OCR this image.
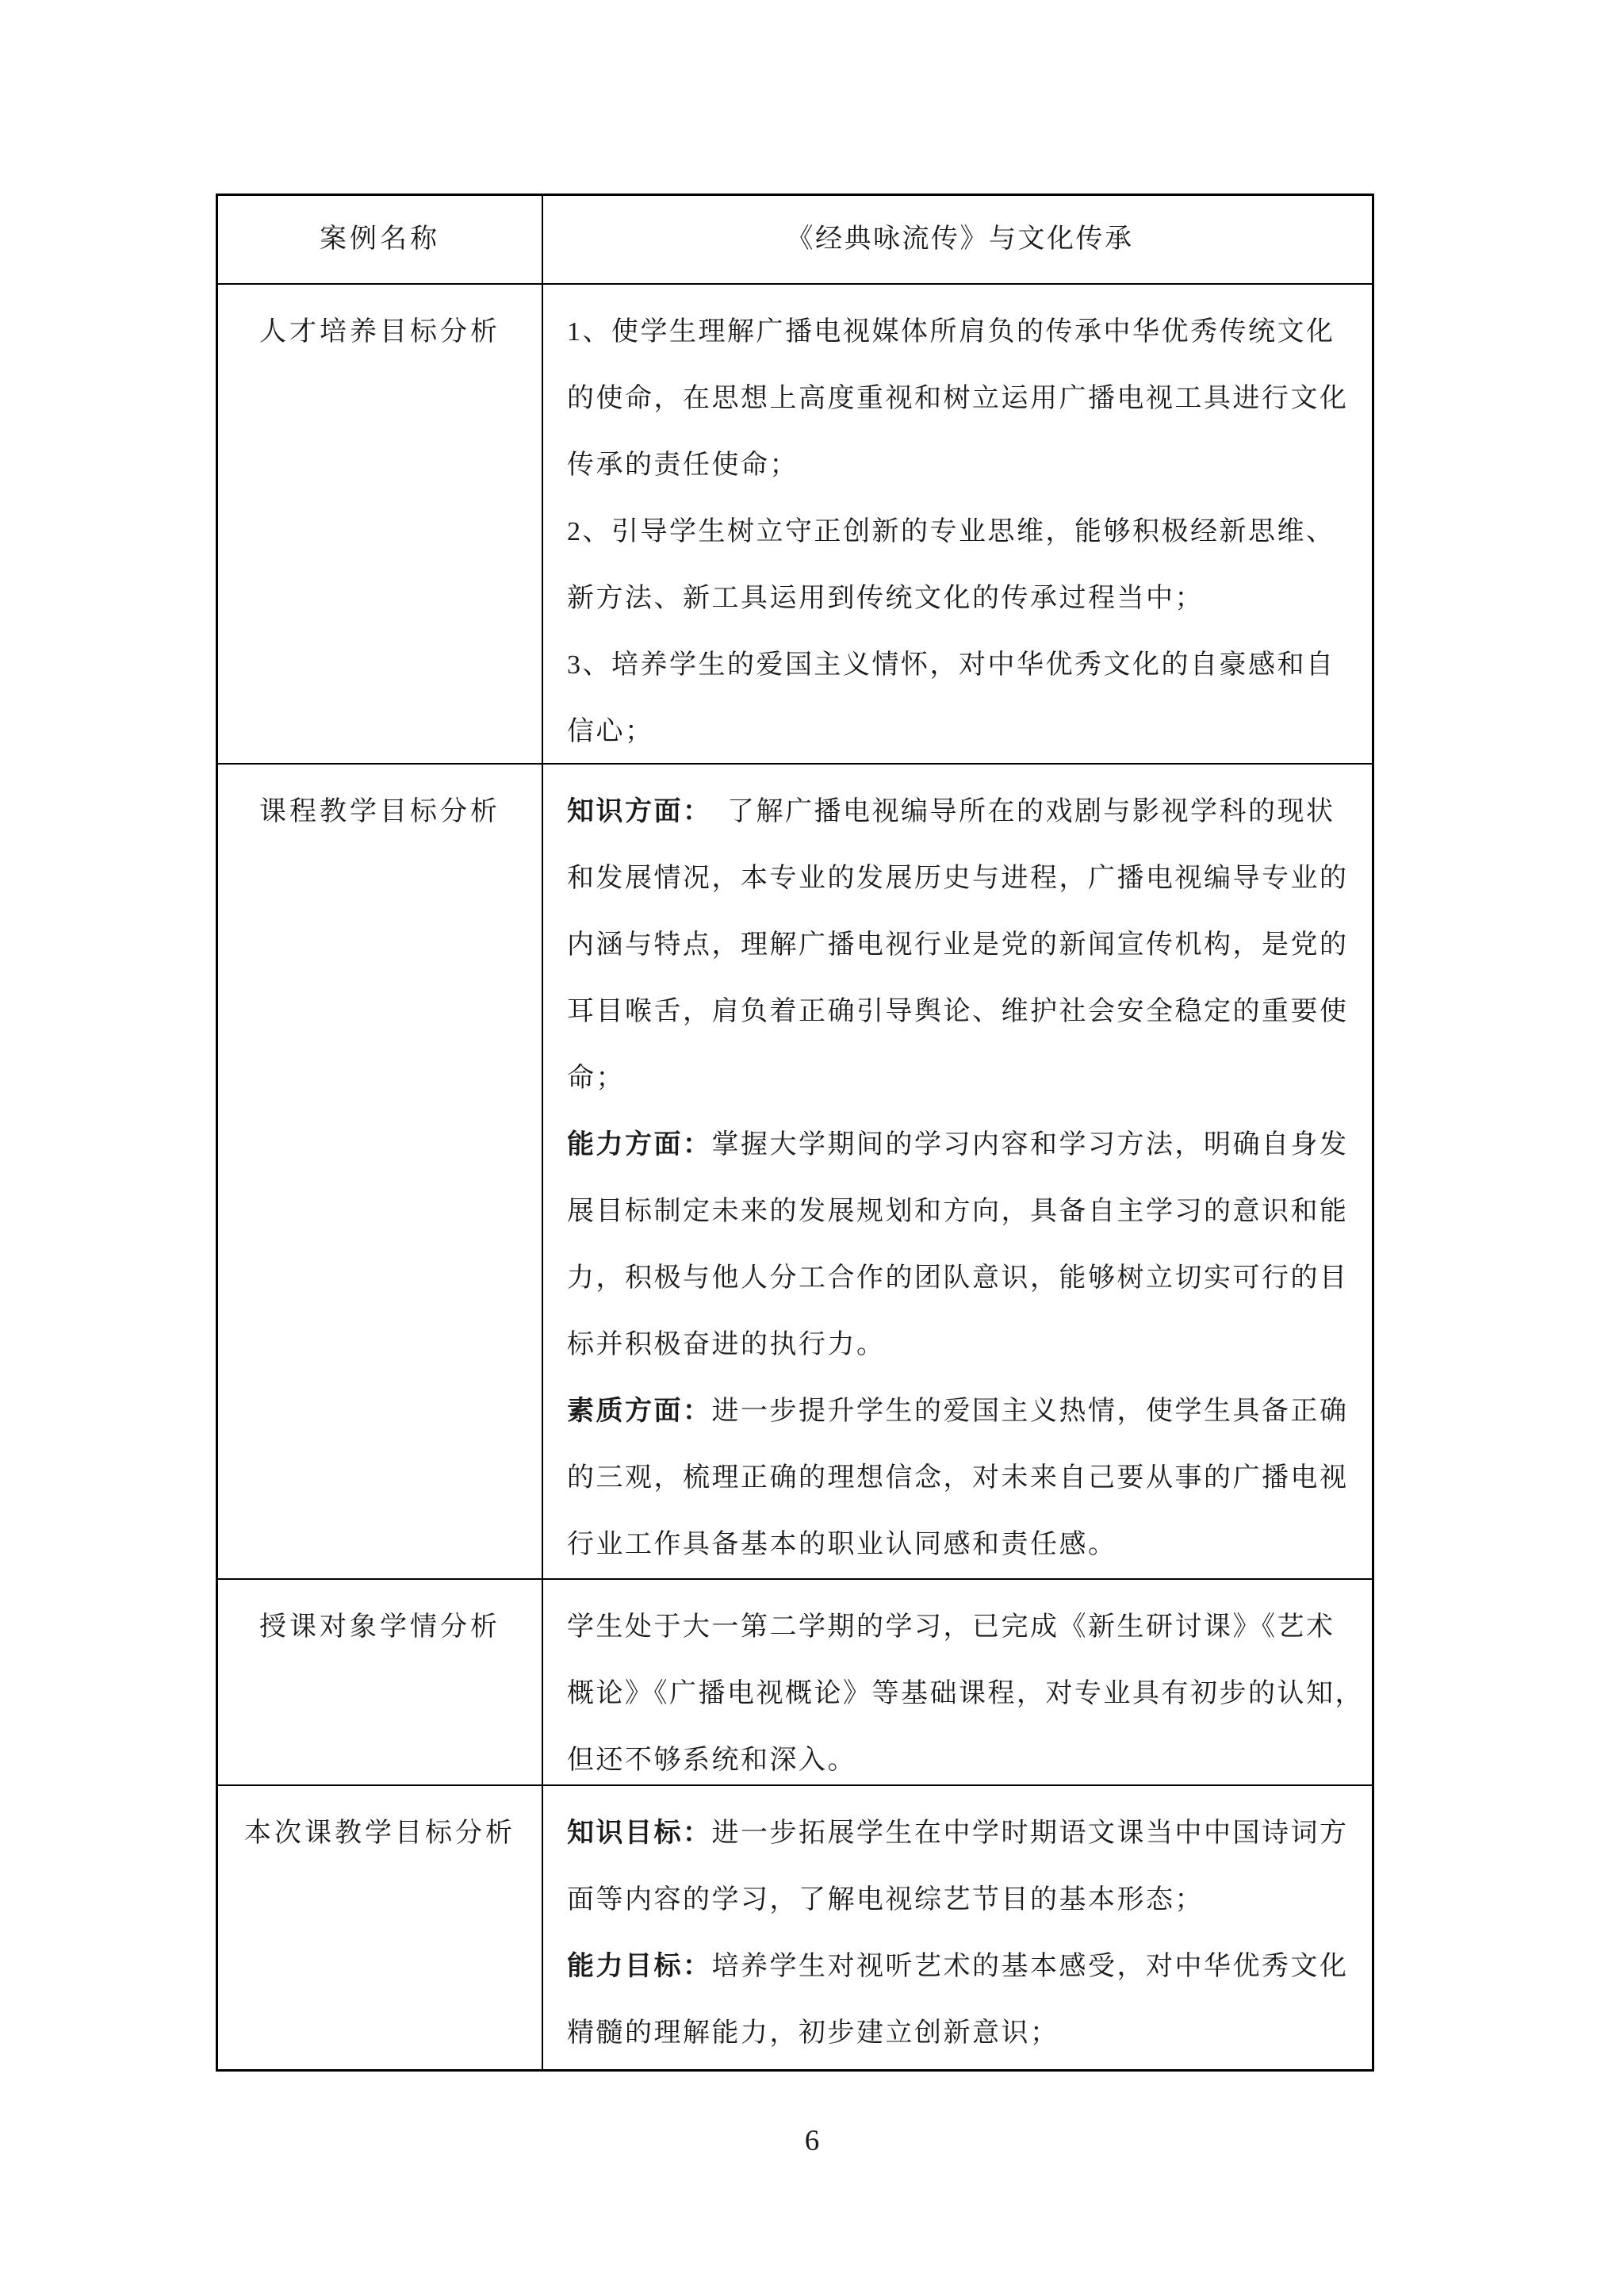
案例名称	《经典咏流传》与文化传承
人才培养目标分析	1、使学生理解广播电视媒体所肩负的传承中华优秀传统文化
的使命，在思想上高度重视和树立运用广播电视工具进行文化
传承的责任使命；
2、引导学生树立守正创新的专业思维，能够积极经新思维、
新方法、新工具运用到传统文化的传承过程当中；
3、培养学生的爱国主义情怀，对中华优秀文化的自豪感和自
信心；
课程教学目标分析	知识方面：　了解广播电视编导所在的戏剧与影视学科的现状
和发展情况，本专业的发展历史与进程，广播电视编导专业的
内涵与特点，理解广播电视行业是党的新闻宣传机构，是党的
耳目喉舌，肩负着正确引导舆论、维护社会安全稳定的重要使
命；
能力方面：掌握大学期间的学习内容和学习方法，明确自身发
展目标制定未来的发展规划和方向，具备自主学习的意识和能
力，积极与他人分工合作的团队意识，能够树立切实可行的目
标并积极奋进的执行力。
素质方面：进一步提升学生的爱国主义热情，使学生具备正确
的三观，梳理正确的理想信念，对未来自己要从事的广播电视
行业工作具备基本的职业认同感和责任感。
授课对象学情分析	学生处于大一第二学期的学习，已完成《新生研讨课》《艺术
概论》《广播电视概论》等基础课程，对专业具有初步的认知，
但还不够系统和深入。
本次课教学目标分析	知识目标：进一步拓展学生在中学时期语文课当中中国诗词方
面等内容的学习，了解电视综艺节目的基本形态；
能力目标：培养学生对视听艺术的基本感受，对中华优秀文化
精髓的理解能力，初步建立创新意识；
6
